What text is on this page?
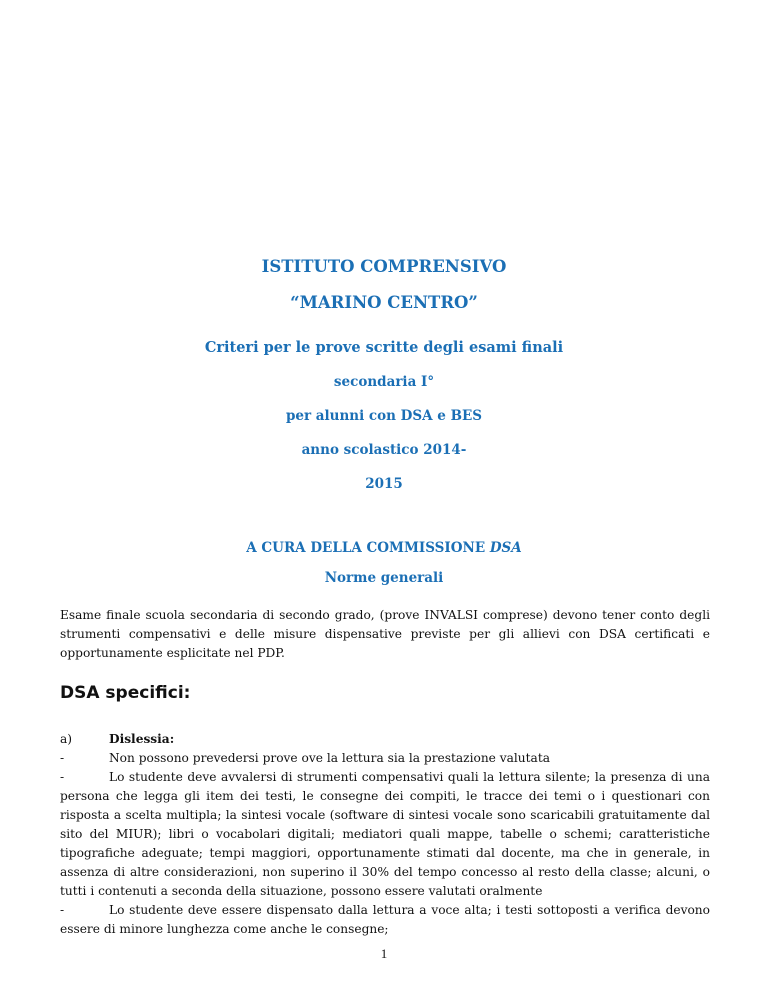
ISTITUTO COMPRENSIVO
“MARINO CENTRO”
Criteri per le prove scritte degli esami finali
secondaria I°
per alunni con DSA e BES
anno scolastico 2014-
2015
A CURA DELLA COMMISSIONE DSA
Norme generali
Esame finale scuola secondaria di secondo grado, (prove INVALSI comprese) devono tener conto degli strumenti compensativi e delle misure dispensative previste per gli allievi con DSA certificati e opportunamente esplicitate nel PDP.
DSA specifici:
a)	Dislessia:
-	Non possono prevedersi prove ove la lettura sia la prestazione valutata
-	Lo studente deve avvalersi di strumenti compensativi quali la lettura silente; la presenza di una persona che legga gli item dei testi, le consegne dei compiti, le tracce dei temi o i questionari con risposta a scelta multipla; la sintesi vocale (software di sintesi vocale sono scaricabili gratuitamente dal sito del MIUR); libri o vocabolari digitali; mediatori quali mappe, tabelle o schemi; caratteristiche tipografiche adeguate; tempi maggiori, opportunamente stimati dal docente, ma che in generale, in assenza di altre considerazioni, non superino il 30% del tempo concesso al resto della classe; alcuni, o tutti i contenuti a seconda della situazione, possono essere valutati oralmente
-	Lo studente deve essere dispensato dalla lettura a voce alta; i testi sottoposti a verifica devono essere di minore lunghezza come anche le consegne;
1
